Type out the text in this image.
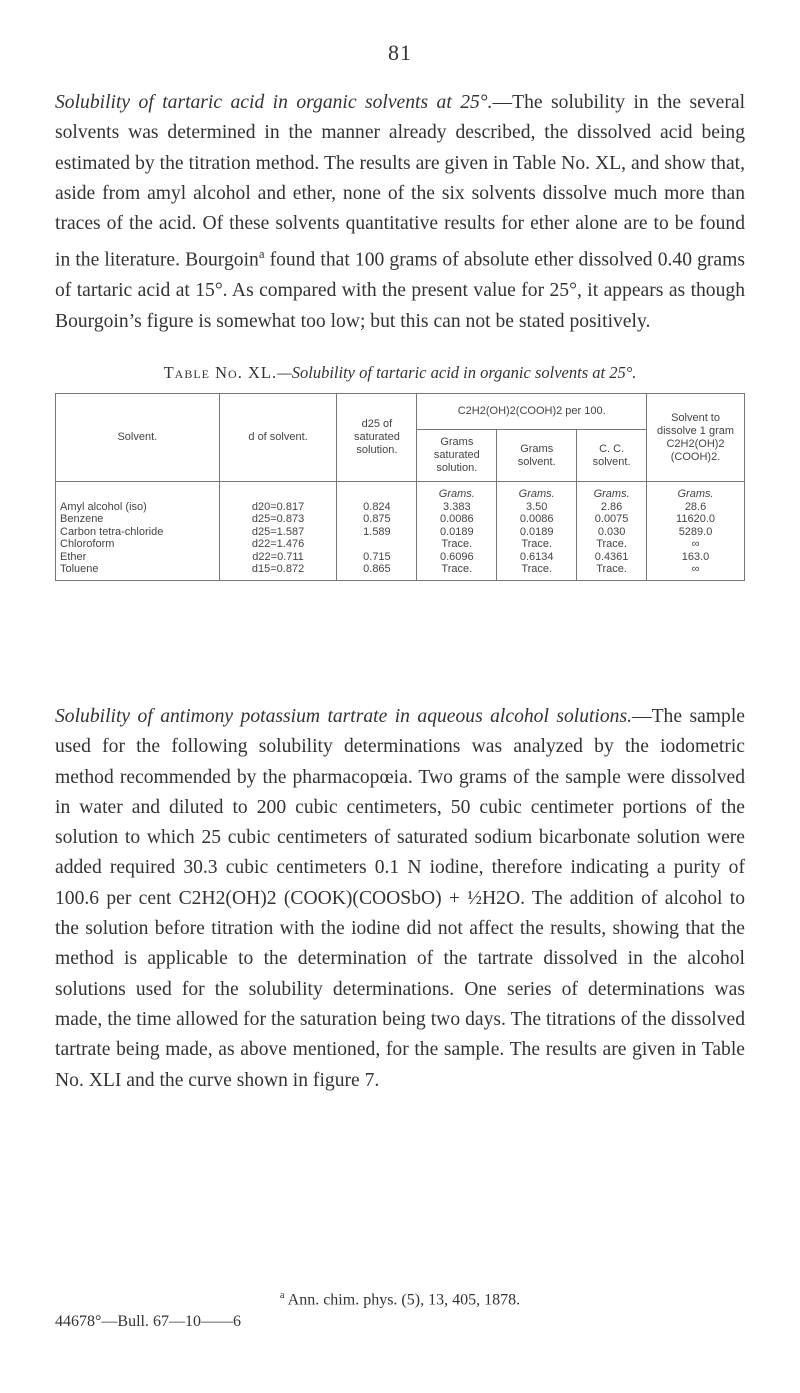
81

Solubility of tartaric acid in organic solvents at 25°.—The solubility in the several solvents was determined in the manner already described, the dissolved acid being estimated by the titration method. The results are given in Table No. XL, and show that, aside from amyl alcohol and ether, none of the six solvents dissolve much more than traces of the acid. Of these solvents quantitative results for ether alone are to be found in the literature. Bourgoin$^a$ found that 100 grams of absolute ether dissolved 0.40 grams of tartaric acid at 15°. As compared with the present value for 25°, it appears as though Bourgoin’s figure is somewhat too low; but this can not be stated positively.

Table No. XL.—Solubility of tartaric acid in organic solvents at 25°.
Solvent.	d of solvent.	d25 of saturated solution.	C2H2(OH)2(COOH)2 per 100.			Solvent to dissolve 1 gram C2H2(OH)2 (COOH)2.
			Grams saturated solution.	Grams solvent.	C. C. solvent.	
			Grams.	Grams.	Grams.	Grams.
Amyl alcohol (iso)	d20=0.817	0.824	3.383	3.50	2.86	28.6
Benzene	d25=0.873	0.875	0.0086	0.0086	0.0075	11620.0
Carbon tetra-chloride	d25=1.587	1.589	0.0189	0.0189	0.030	5289.0
Chloroform	d22=1.476		Trace.	Trace.	Trace.	∞
Ether	d22=0.711	0.715	0.6096	0.6134	0.4361	163.0
Toluene	d15=0.872	0.865	Trace.	Trace.	Trace.	∞

Solubility of antimony potassium tartrate in aqueous alcohol solutions.—The sample used for the following solubility determinations was analyzed by the iodometric method recommended by the pharmacopœia. Two grams of the sample were dissolved in water and diluted to 200 cubic centimeters, 50 cubic centimeter portions of the solution to which 25 cubic centimeters of saturated sodium bicarbonate solution were added required 30.3 cubic centimeters 0.1 N iodine, therefore indicating a purity of 100.6 per cent C2H2(OH)2 (COOK)(COOSbO) + ½H2O. The addition of alcohol to the solution before titration with the iodine did not affect the results, showing that the method is applicable to the determination of the tartrate dissolved in the alcohol solutions used for the solubility determinations. One series of determinations was made, the time allowed for the saturation being two days. The titrations of the dissolved tartrate being made, as above mentioned, for the sample. The results are given in Table No. XLI and the curve shown in figure 7.

$^a$ Ann. chim. phys. (5), 13, 405, 1878.
44678°—Bull. 67—10——6
